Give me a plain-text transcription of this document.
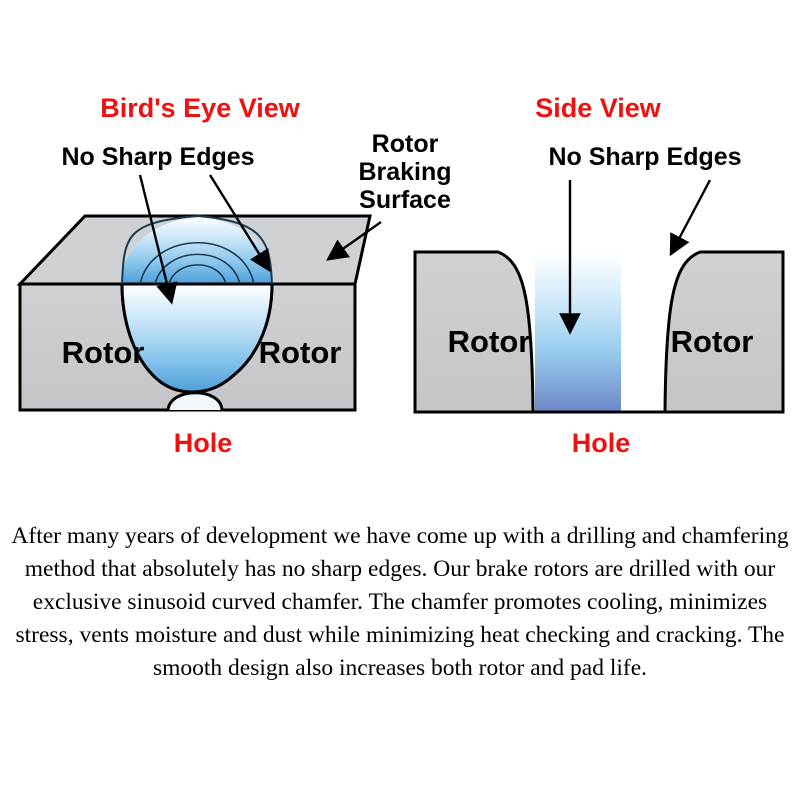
Rotor	Rotor
Bird's Eye View
No Sharp Edges	Rotor
Braking
Surface
Hole
Rotor	Rotor
Side View
No Sharp Edges
Hole
After many years of development we have come up with a drilling and chamfering method that absolutely has no sharp edges. Our brake rotors are drilled with our exclusive sinusoid curved chamfer. The chamfer promotes cooling, minimizes stress, vents moisture and dust while minimizing heat checking and cracking. The smooth design also increases both rotor and pad life.
